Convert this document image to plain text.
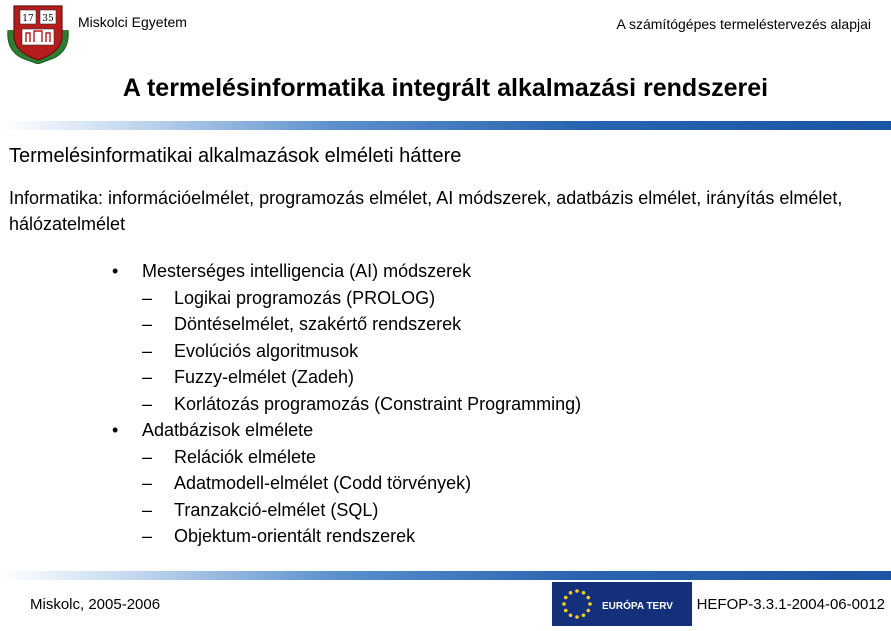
17 35 Miskolci Egyetem	A számítógépes termeléstervezés alapjai
A termelésinformatika integrált alkalmazási rendszerei
Termelésinformatikai alkalmazások elméleti háttere
Informatika: információelmélet, programozás elmélet, AI módszerek, adatbázis elmélet, irányítás elmélet, hálózatelmélet
•	Mesterséges intelligencia (AI) módszerek
–	Logikai programozás (PROLOG)
–	Döntéselmélet, szakértő rendszerek
–	Evolúciós algoritmusok
–	Fuzzy-elmélet (Zadeh)
–	Korlátozás programozás (Constraint Programming)
•	Adatbázisok elmélete
–	Relációk elmélete
–	Adatmodell-elmélet (Codd törvények)
–	Tranzakció-elmélet (SQL)
–	Objektum-orientált rendszerek
Miskolc, 2005-2006	EURÓPA TERV HEFOP-3.3.1-2004-06-0012
